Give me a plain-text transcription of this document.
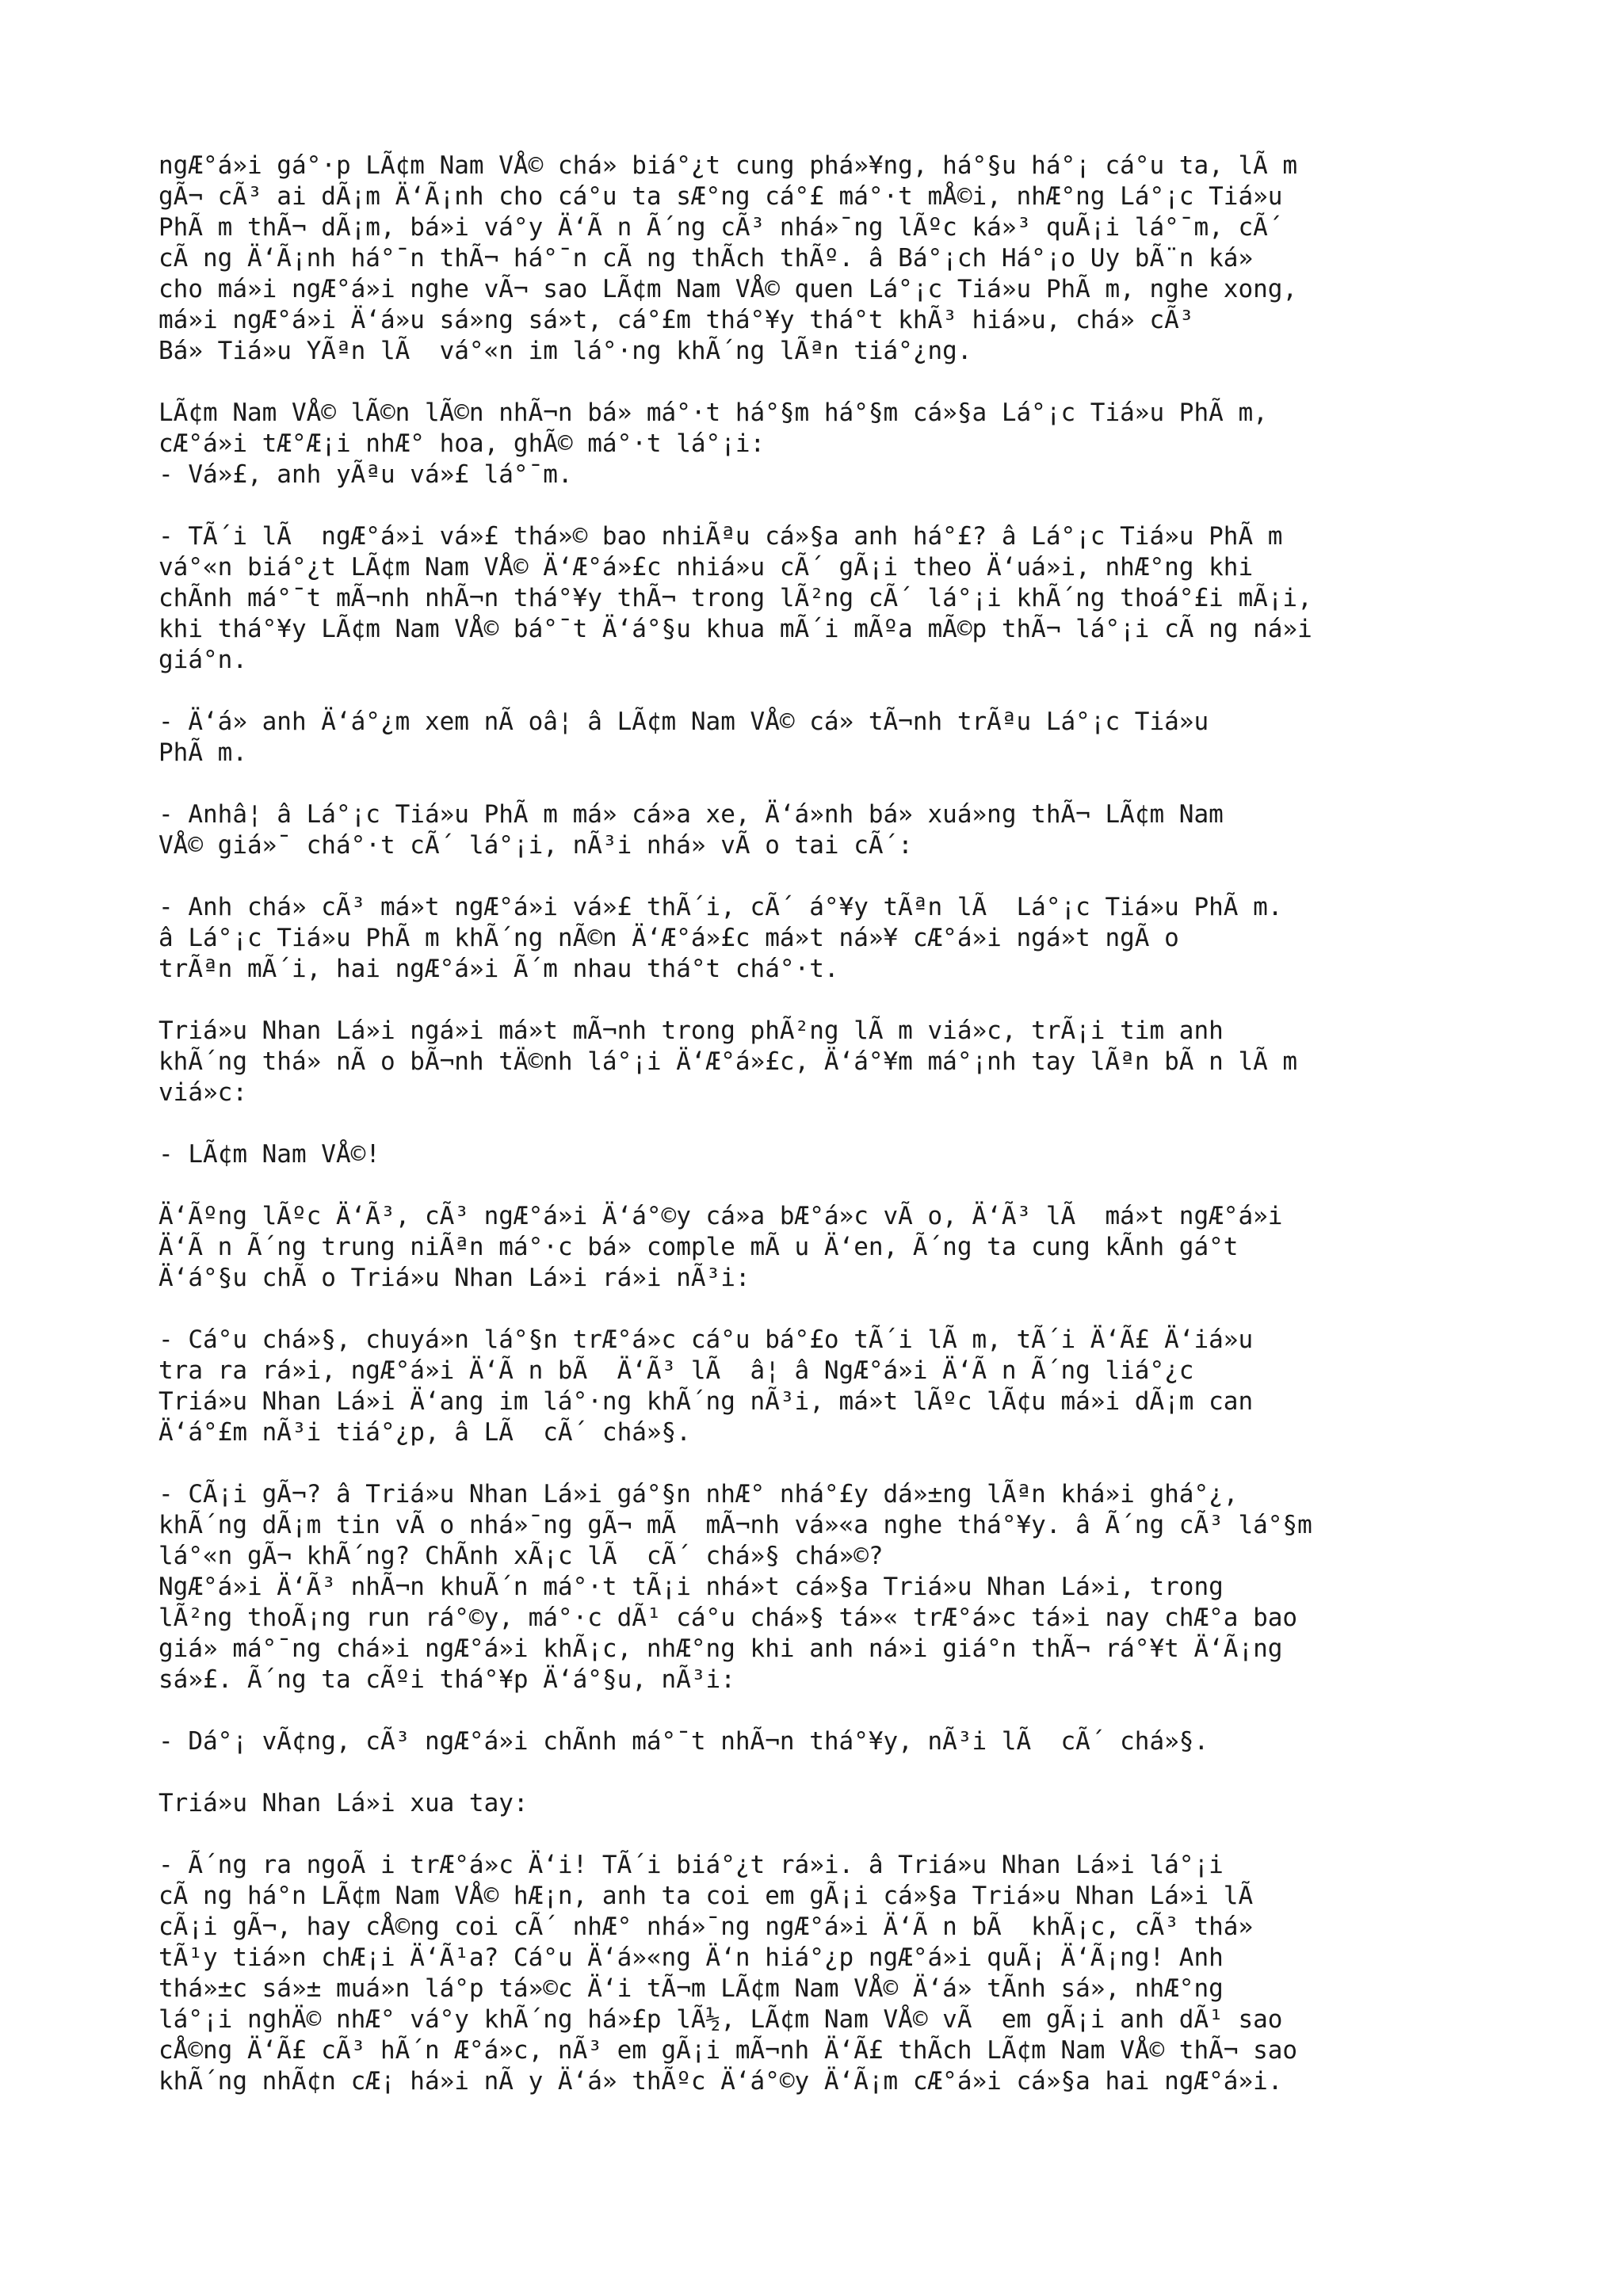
ngÆ°á»i gá°·p LÃ¢m Nam VÅ© chá» biá°¿t cung phá»¥ng, há°§u há°¡ cá°u ta, lÃ m
gÃ¬ cÃ³ ai dÃ¡m Ä‘Ã¡nh cho cá°u ta sÆ°ng cá°£ má°·t mÅ©i, nhÆ°ng Lá°¡c Tiá»u
PhÃ m thÃ¬ dÃ¡m, bá»i vá°y Ä‘Ã n Ã´ng cÃ³ nhá»¯ng lÃºc ká»³ quÃ¡i lá°¯m, cÃ´
cÃ ng Ä‘Ã¡nh há°¯n thÃ¬ há°¯n cÃ ng thÃch thÃº. â Bá°¡ch Há°¡o Uy bÃ¨n ká»
cho má»i ngÆ°á»i nghe vÃ¬ sao LÃ¢m Nam VÅ© quen Lá°¡c Tiá»u PhÃ m, nghe xong,
má»i ngÆ°á»i Ä‘á»u sá»ng sá»t, cá°£m thá°¥y thá°t khÃ³ hiá»u, chá» cÃ³
Bá» Tiá»u YÃªn lÃ  vá°«n im lá°·ng khÃ´ng lÃªn tiá°¿ng.
LÃ¢m Nam VÅ© lÃ©n lÃ©n nhÃ¬n bá» má°·t há°§m há°§m cá»§a Lá°¡c Tiá»u PhÃ m,
cÆ°á»i tÆ°Æ¡i nhÆ° hoa, ghÃ© má°·t lá°¡i:
- Vá»£, anh yÃªu vá»£ lá°¯m.
- TÃ´i lÃ  ngÆ°á»i vá»£ thá»© bao nhiÃªu cá»§a anh há°£? â Lá°¡c Tiá»u PhÃ m
vá°«n biá°¿t LÃ¢m Nam VÅ© Ä‘Æ°á»£c nhiá»u cÃ´ gÃ¡i theo Ä‘uá»i, nhÆ°ng khi
chÃnh má°¯t mÃ¬nh nhÃ¬n thá°¥y thÃ¬ trong lÃ²ng cÃ´ lá°¡i khÃ´ng thoá°£i mÃ¡i,
khi thá°¥y LÃ¢m Nam VÅ© bá°¯t Ä‘á°§u khua mÃ´i mÃºa mÃ©p thÃ¬ lá°¡i cÃ ng ná»i
giá°n.
- Ä‘á» anh Ä‘á°¿m xem nÃ oâ¦ â LÃ¢m Nam VÅ© cá» tÃ¬nh trÃªu Lá°¡c Tiá»u
PhÃ m.
- Anhâ¦ â Lá°¡c Tiá»u PhÃ m má» cá»a xe, Ä‘á»nh bá» xuá»ng thÃ¬ LÃ¢m Nam
VÅ© giá»¯ chá°·t cÃ´ lá°¡i, nÃ³i nhá» vÃ o tai cÃ´:
- Anh chá» cÃ³ má»t ngÆ°á»i vá»£ thÃ´i, cÃ´ á°¥y tÃªn lÃ  Lá°¡c Tiá»u PhÃ m.
â Lá°¡c Tiá»u PhÃ m khÃ´ng nÃ©n Ä‘Æ°á»£c má»t ná»¥ cÆ°á»i ngá»t ngÃ o
trÃªn mÃ´i, hai ngÆ°á»i Ã´m nhau thá°t chá°·t.
Triá»u Nhan Lá»i ngá»i má»t mÃ¬nh trong phÃ²ng lÃ m viá»c, trÃ¡i tim anh
khÃ´ng thá» nÃ o bÃ¬nh tÄ©nh lá°¡i Ä‘Æ°á»£c, Ä‘á°¥m má°¡nh tay lÃªn bÃ n lÃ m
viá»c:
- LÃ¢m Nam VÅ©!
Ä‘Ãºng lÃºc Ä‘Ã³, cÃ³ ngÆ°á»i Ä‘á°©y cá»a bÆ°á»c vÃ o, Ä‘Ã³ lÃ  má»t ngÆ°á»i
Ä‘Ã n Ã´ng trung niÃªn má°·c bá» comple mÃ u Ä‘en, Ã´ng ta cung kÃnh gá°t
Ä‘á°§u chÃ o Triá»u Nhan Lá»i rá»i nÃ³i:
- Cá°u chá»§, chuyá»n lá°§n trÆ°á»c cá°u bá°£o tÃ´i lÃ m, tÃ´i Ä‘Ã£ Ä‘iá»u
tra ra rá»i, ngÆ°á»i Ä‘Ã n bÃ  Ä‘Ã³ lÃ  â¦ â NgÆ°á»i Ä‘Ã n Ã´ng liá°¿c
Triá»u Nhan Lá»i Ä‘ang im lá°·ng khÃ´ng nÃ³i, má»t lÃºc lÃ¢u má»i dÃ¡m can
Ä‘á°£m nÃ³i tiá°¿p, â LÃ  cÃ´ chá»§.
- CÃ¡i gÃ¬? â Triá»u Nhan Lá»i gá°§n nhÆ° nhá°£y dá»±ng lÃªn khá»i ghá°¿,
khÃ´ng dÃ¡m tin vÃ o nhá»¯ng gÃ¬ mÃ  mÃ¬nh vá»«a nghe thá°¥y. â Ã´ng cÃ³ lá°§m
lá°«n gÃ¬ khÃ´ng? ChÃnh xÃ¡c lÃ  cÃ´ chá»§ chá»©?
NgÆ°á»i Ä‘Ã³ nhÃ¬n khuÃ´n má°·t tÃ¡i nhá»t cá»§a Triá»u Nhan Lá»i, trong
lÃ²ng thoÃ¡ng run rá°©y, má°·c dÃ¹ cá°u chá»§ tá»« trÆ°á»c tá»i nay chÆ°a bao
giá» má°¯ng chá»i ngÆ°á»i khÃ¡c, nhÆ°ng khi anh ná»i giá°n thÃ¬ rá°¥t Ä‘Ã¡ng
sá»£. Ã´ng ta cÃºi thá°¥p Ä‘á°§u, nÃ³i:
- Dá°¡ vÃ¢ng, cÃ³ ngÆ°á»i chÃnh má°¯t nhÃ¬n thá°¥y, nÃ³i lÃ  cÃ´ chá»§.
Triá»u Nhan Lá»i xua tay:
- Ã´ng ra ngoÃ i trÆ°á»c Ä‘i! TÃ´i biá°¿t rá»i. â Triá»u Nhan Lá»i lá°¡i
cÃ ng há°n LÃ¢m Nam VÅ© hÆ¡n, anh ta coi em gÃ¡i cá»§a Triá»u Nhan Lá»i lÃ
cÃ¡i gÃ¬, hay cÅ©ng coi cÃ´ nhÆ° nhá»¯ng ngÆ°á»i Ä‘Ã n bÃ  khÃ¡c, cÃ³ thá»
tÃ¹y tiá»n chÆ¡i Ä‘Ã¹a? Cá°u Ä‘á»«ng Ä‘n hiá°¿p ngÆ°á»i quÃ¡ Ä‘Ã¡ng! Anh
thá»±c sá»± muá»n lá°p tá»©c Ä‘i tÃ¬m LÃ¢m Nam VÅ© Ä‘á» tÃnh sá», nhÆ°ng
lá°¡i nghÄ© nhÆ° vá°y khÃ´ng há»£p lÃ½, LÃ¢m Nam VÅ© vÃ  em gÃ¡i anh dÃ¹ sao
cÅ©ng Ä‘Ã£ cÃ³ hÃ´n Æ°á»c, nÃ³ em gÃ¡i mÃ¬nh Ä‘Ã£ thÃch LÃ¢m Nam VÅ© thÃ¬ sao
khÃ´ng nhÃ¢n cÆ¡ há»i nÃ y Ä‘á» thÃºc Ä‘á°©y Ä‘Ã¡m cÆ°á»i cá»§a hai ngÆ°á»i.
